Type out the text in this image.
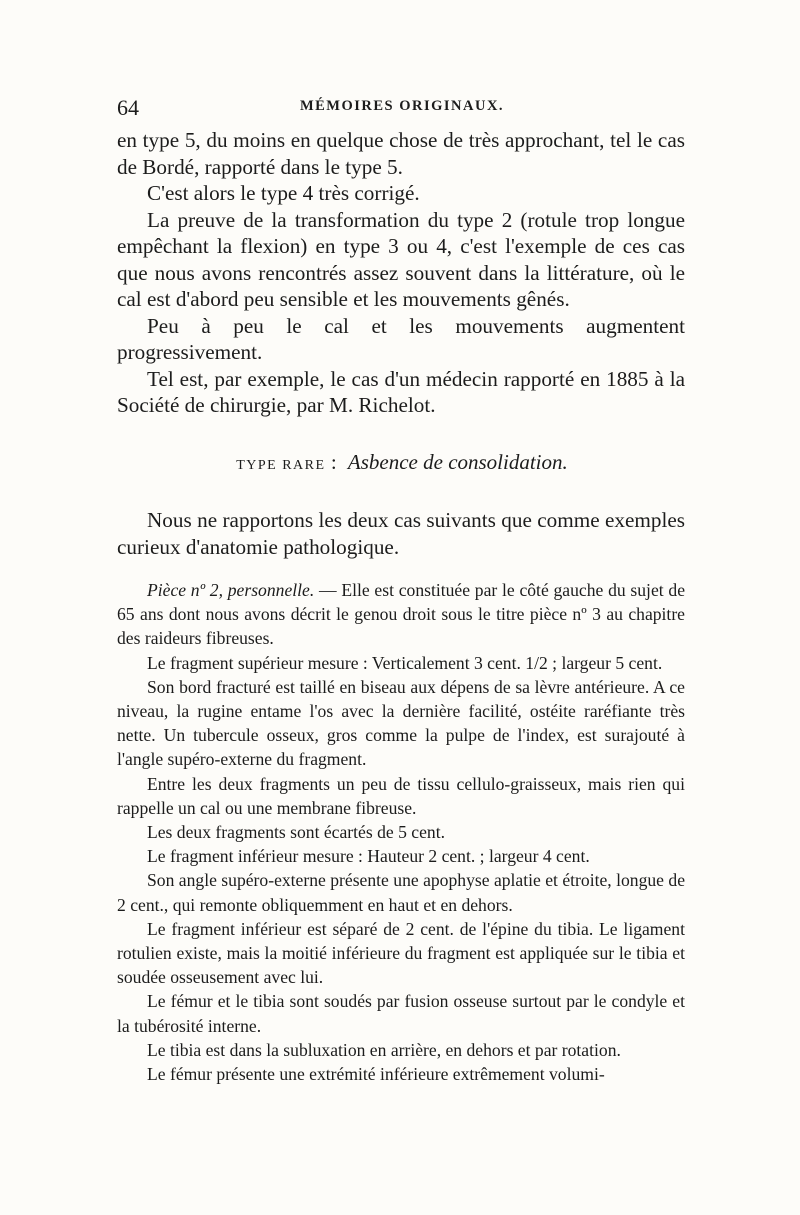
64	MÉMOIRES ORIGINAUX.

en type 5, du moins en quelque chose de très approchant, tel le cas de Bordé, rapporté dans le type 5.

C'est alors le type 4 très corrigé.

La preuve de la transformation du type 2 (rotule trop longue empêchant la flexion) en type 3 ou 4, c'est l'exemple de ces cas que nous avons rencontrés assez souvent dans la littérature, où le cal est d'abord peu sensible et les mouvements gênés.

Peu à peu le cal et les mouvements augmentent progressivement.

Tel est, par exemple, le cas d'un médecin rapporté en 1885 à la Société de chirurgie, par M. Richelot.

TYPE RARE : Asbence de consolidation.

Nous ne rapportons les deux cas suivants que comme exemples curieux d'anatomie pathologique.

Pièce nº 2, personnelle. — Elle est constituée par le côté gauche du sujet de 65 ans dont nous avons décrit le genou droit sous le titre pièce nº 3 au chapitre des raideurs fibreuses.

Le fragment supérieur mesure : Verticalement 3 cent. 1/2 ; largeur 5 cent.

Son bord fracturé est taillé en biseau aux dépens de sa lèvre antérieure. A ce niveau, la rugine entame l'os avec la dernière facilité, ostéite raréfiante très nette. Un tubercule osseux, gros comme la pulpe de l'index, est surajouté à l'angle supéro-externe du fragment.

Entre les deux fragments un peu de tissu cellulo-graisseux, mais rien qui rappelle un cal ou une membrane fibreuse.

Les deux fragments sont écartés de 5 cent.

Le fragment inférieur mesure : Hauteur 2 cent. ; largeur 4 cent.

Son angle supéro-externe présente une apophyse aplatie et étroite, longue de 2 cent., qui remonte obliquemment en haut et en dehors.

Le fragment inférieur est séparé de 2 cent. de l'épine du tibia. Le ligament rotulien existe, mais la moitié inférieure du fragment est appliquée sur le tibia et soudée osseusement avec lui.

Le fémur et le tibia sont soudés par fusion osseuse surtout par le condyle et la tubérosité interne.

Le tibia est dans la subluxation en arrière, en dehors et par rotation.

Le fémur présente une extrémité inférieure extrêmement volumi-
